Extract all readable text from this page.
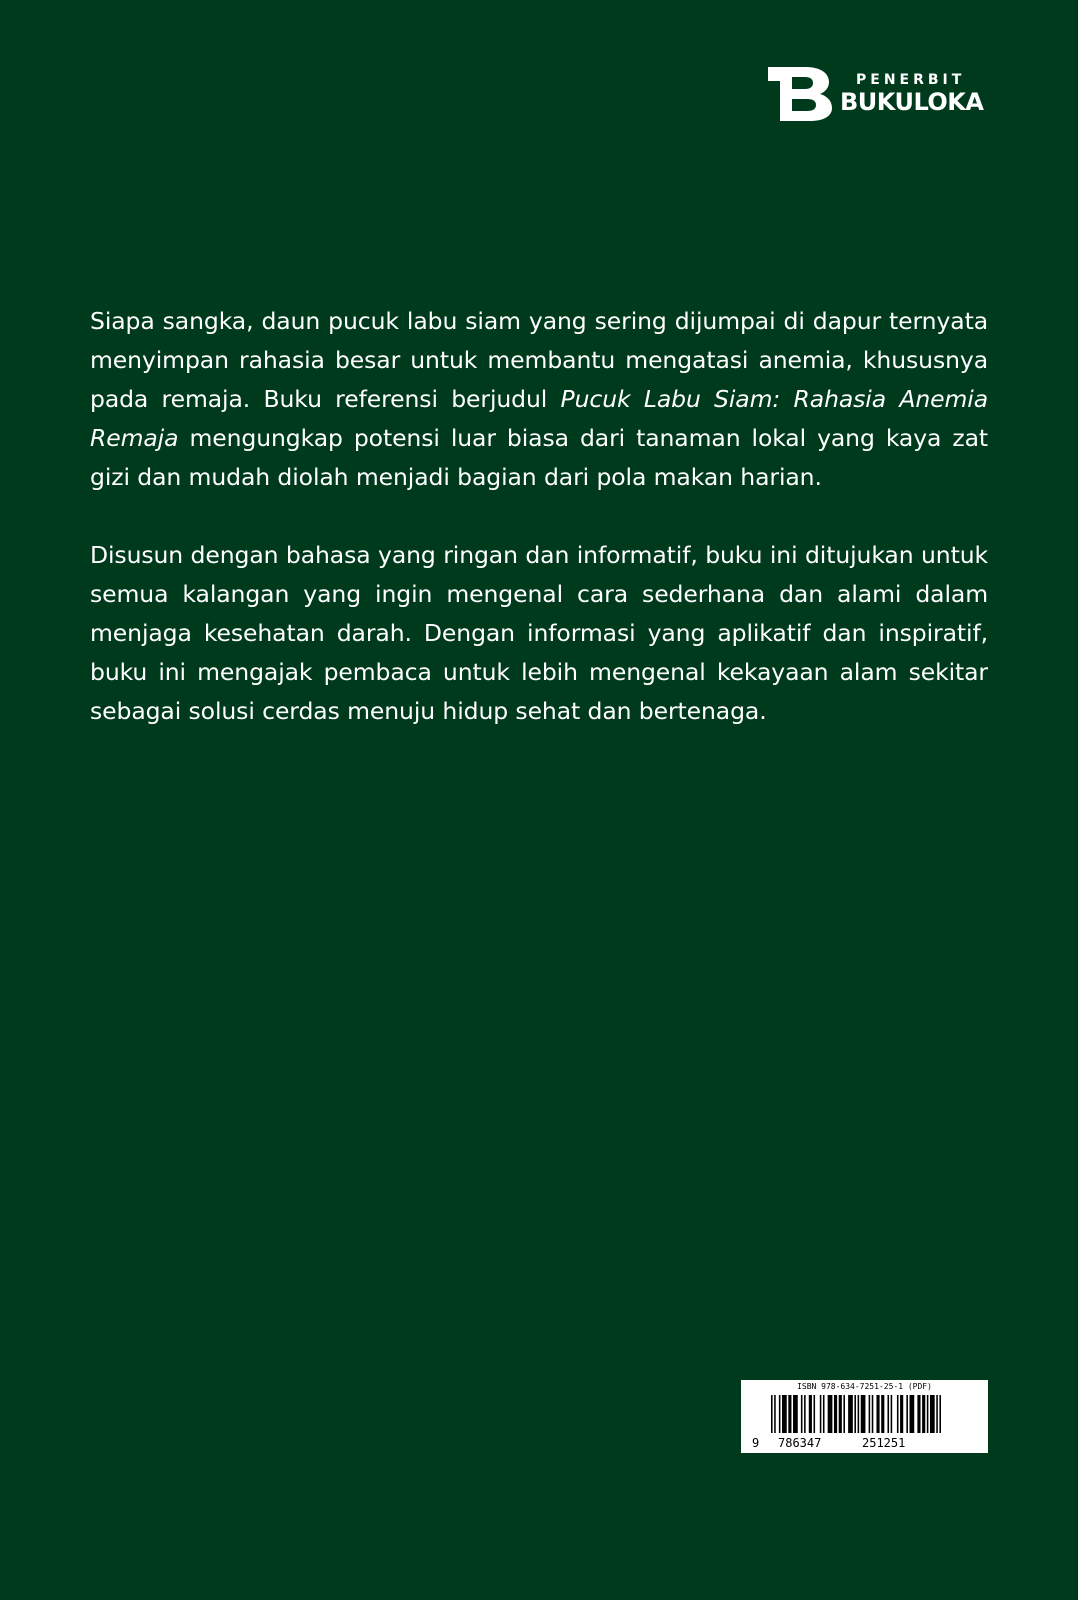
PENERBIT
BUKULOKA

Siapa sangka, daun pucuk labu siam yang sering dijumpai di dapur ternyata menyimpan rahasia besar untuk membantu mengatasi anemia, khususnya pada remaja. Buku referensi berjudul Pucuk Labu Siam: Rahasia Anemia Remaja mengungkap potensi luar biasa dari tanaman lokal yang kaya zat gizi dan mudah diolah menjadi bagian dari pola makan harian.

Disusun dengan bahasa yang ringan dan informatif, buku ini ditujukan untuk semua kalangan yang ingin mengenal cara sederhana dan alami dalam menjaga kesehatan darah. Dengan informasi yang aplikatif dan inspiratif, buku ini mengajak pembaca untuk lebih mengenal kekayaan alam sekitar sebagai solusi cerdas menuju hidup sehat dan bertenaga.

ISBN 978-634-7251-25-1 (PDF)
9 786347	251251
